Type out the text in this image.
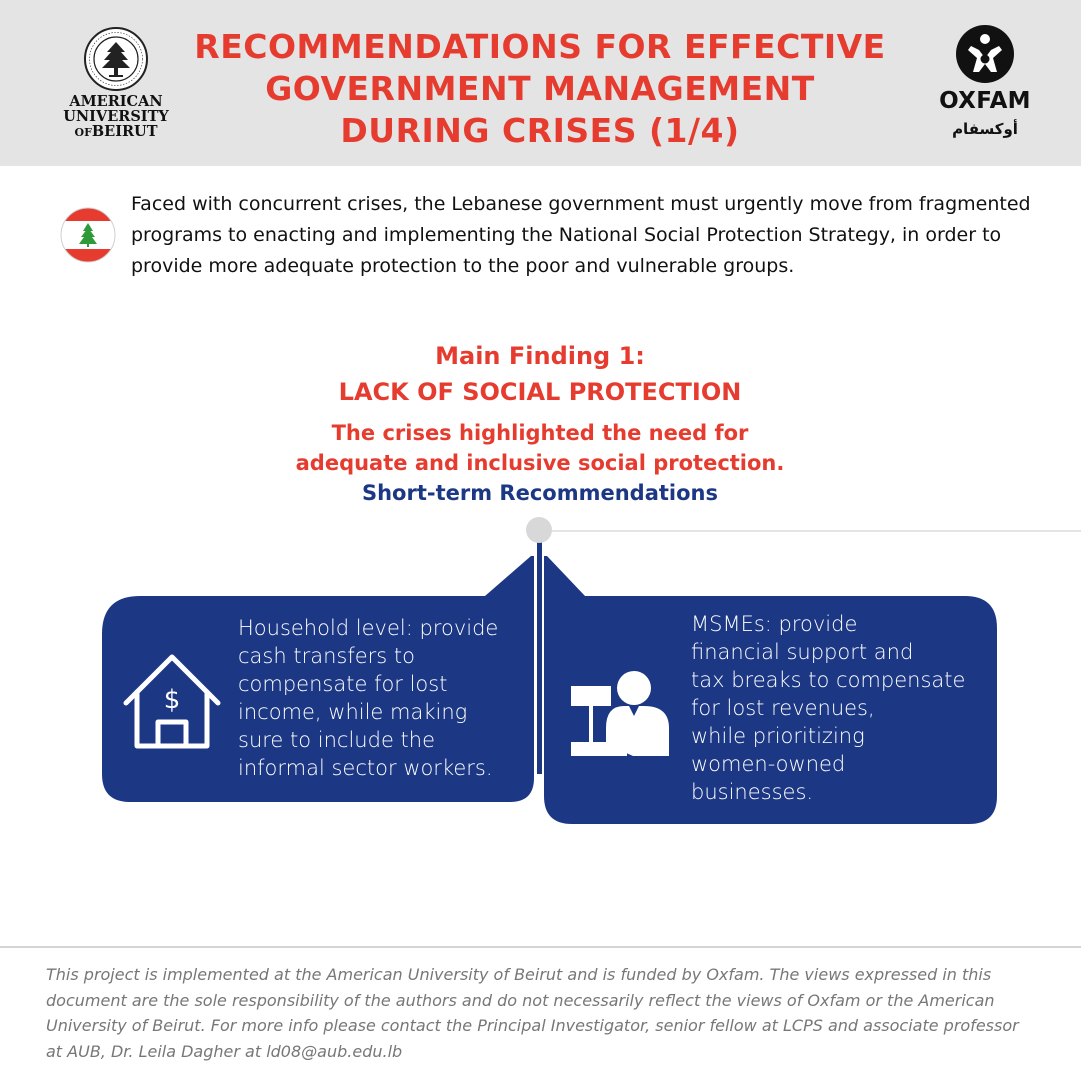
AMERICAN
UNIVERSITY
OFBEIRUT
RECOMMENDATIONS FOR EFFECTIVE
GOVERNMENT MANAGEMENT
DURING CRISES (1/4)
OXFAM
أوكسفام
Faced with concurrent crises, the Lebanese government must urgently move from fragmented programs to enacting and implementing the National Social Protection Strategy, in order to provide more adequate protection to the poor and vulnerable groups.
Main Finding 1:
LACK OF SOCIAL PROTECTION
The crises highlighted the need for
adequate and inclusive social protection.
Short-term Recommendations
$
Household level: provide
cash transfers to
compensate for lost
income, while making
sure to include the
informal sector workers.
MSMEs: provide
financial support and
tax breaks to compensate
for lost revenues,
while prioritizing
women-owned
businesses.
This project is implemented at the American University of Beirut and is funded by Oxfam. The views expressed in this document are the sole responsibility of the authors and do not necessarily reflect the views of Oxfam or the American University of Beirut. For more info please contact the Principal Investigator, senior fellow at LCPS and associate professor at AUB, Dr. Leila Dagher at ld08@aub.edu.lb
